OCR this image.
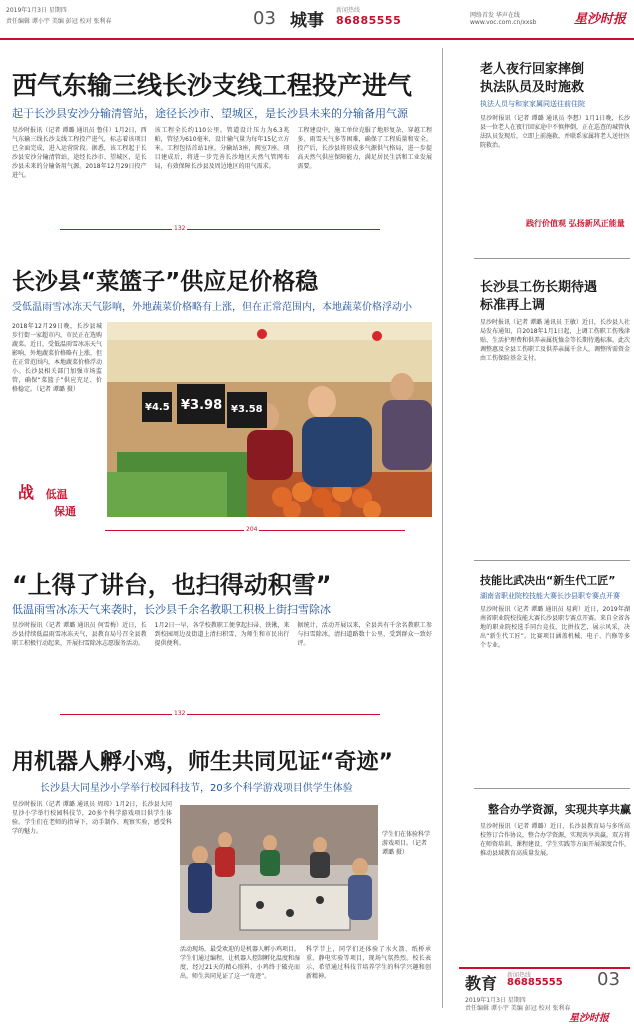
2019年1月3日 星期四
责任编辑 谭小宇 美编 彭冠 校对 张利春	03 城事
新闻热线
86885555	网络首发 华声在线
www.voc.com.cn/xxsb	星沙时报
西气东输三线长沙支线工程投产进气
起于长沙县安沙分输清管站，途径长沙市、望城区，是长沙县未来的分输备用气源
星沙时报讯（记者 谭璐 通讯员 鲁佳）1月2日，西气东输三线长沙支线工程投产进气，标志着该项目已全面完成，进入运营阶段。据悉，该工程起于长沙县安沙分输清管站，途经长沙市、望城区，是长沙县未来的分输备用气源。2018年12月29日投产进气。
该工程全长约110公里，管道设计压力为6.3兆帕，管径为610毫米，设计输气量为每年15亿立方米。工程包括首站1座，分输站3座，阀室7座。项目建成后，将进一步完善长沙地区天然气管网布局，有效保障长沙县及周边地区的用气需求。
工程建设中，施工单位克服了地形复杂、穿越工程多、雨雪天气多等困难，确保了工程质量和安全。投产后，长沙县将形成多气源供气格局，进一步提高天然气供应保障能力，满足居民生活和工业发展需要。
132
长沙县“菜篮子”供应足价格稳
受低温雨雪冰冻天气影响，外地蔬菜价格略有上涨，但在正常范围内，本地蔬菜价格浮动小
2018年12月29日晚，长沙县城步行街一家超市内，市民正在选购蔬菜。近日，受低温雨雪冰冻天气影响，外地蔬菜价格略有上涨，但在正常范围内，本地蔬菜价格浮动小。长沙县相关部门加强市场监管，确保“菜篮子”供应充足、价格稳定。（记者 谭璐 摄）
战 低温
保通
¥4.5 ¥3.98 ¥3.58
204
“上得了讲台，也扫得动积雪”
低温雨雪冰冻天气来袭时，长沙县千余名教职工积极上街扫雪除冰
星沙时报讯（记者 谭璐 通讯员 何雪梅）近日，长沙县持续低温雨雪冰冻天气，县教育局号召全县教职工积极行动起来，开展扫雪除冰志愿服务活动。
1月2日一早，各学校教职工便拿起扫帚、铁锹，来到校园周边及街道上清扫积雪，为师生和市民出行提供便利。
据统计，活动开展以来，全县共有千余名教职工参与扫雪除冰，清扫道路数十公里，受到群众一致好评。
132
用机器人孵小鸡，师生共同见证“奇迹”
长沙县大同星沙小学举行校园科技节，20多个科学游戏项目供学生体验
星沙时报讯（记者 谭璐 通讯员 周琼）1月2日，长沙县大同星沙小学举行校园科技节，20多个科学游戏项目供学生体验。学生们在老师的指导下，动手制作、观察实验，感受科学的魅力。	学生们在体验科学游戏项目。（记者 谭璐 摄）
活动现场，最受欢迎的是机器人孵小鸡项目。学生们通过编程，让机器人控制孵化温度和湿度，经过21天的精心照料，小鸡终于破壳而出，师生共同见证了这一“奇迹”。
科学节上，同学们还体验了水火箭、纸桥承重、静电实验等项目，现场气氛热烈。校长表示，希望通过科技节培养学生的科学兴趣和创新精神。
老人夜行回家摔倒
执法队员及时施救
执法人员与和家家属同送往前住院
星沙时报讯（记者 谭璐 通讯员 李想）1月1日晚，长沙县一位老人在夜行回家途中不慎摔倒，正在巡查的城管执法队员发现后，立即上前施救，并联系家属将老人送往医院救治。
践行价值观 弘扬新风正能量
长沙县工伤长期待遇
标准再上调
星沙时报讯（记者 谭璐 通讯员 王敏）近日，长沙县人社局发布通知，自2018年1月1日起，上调工伤职工伤残津贴、生活护理费和供养亲属抚恤金等长期待遇标准。此次调整惠及全县工伤职工及供养亲属千余人，调整所需资金由工伤保险基金支付。
技能比武决出“新生代工匠”
湖南省职业院校技能大赛长沙县职专赛点开赛
星沙时报讯（记者 谭璐 通讯员 易莉）近日，2019年湖南省职业院校技能大赛长沙县职专赛点开赛。来自全省各地的职业院校选手同台竞技，比拼技艺，展示风采，决出“新生代工匠”。比赛项目涵盖机械、电子、汽修等多个专业。
整合办学资源，实现共享共赢
星沙时报讯（记者 谭璐）近日，长沙县教育局与多所高校签订合作协议，整合办学资源，实现共享共赢。双方将在师资培训、课程建设、学生实践等方面开展深度合作，推动县域教育高质量发展。
教育 新闻热线
86885555 03
2019年1月3日 星期四
责任编辑 谭小宇 美编 彭冠 校对 张利春
星沙时报
